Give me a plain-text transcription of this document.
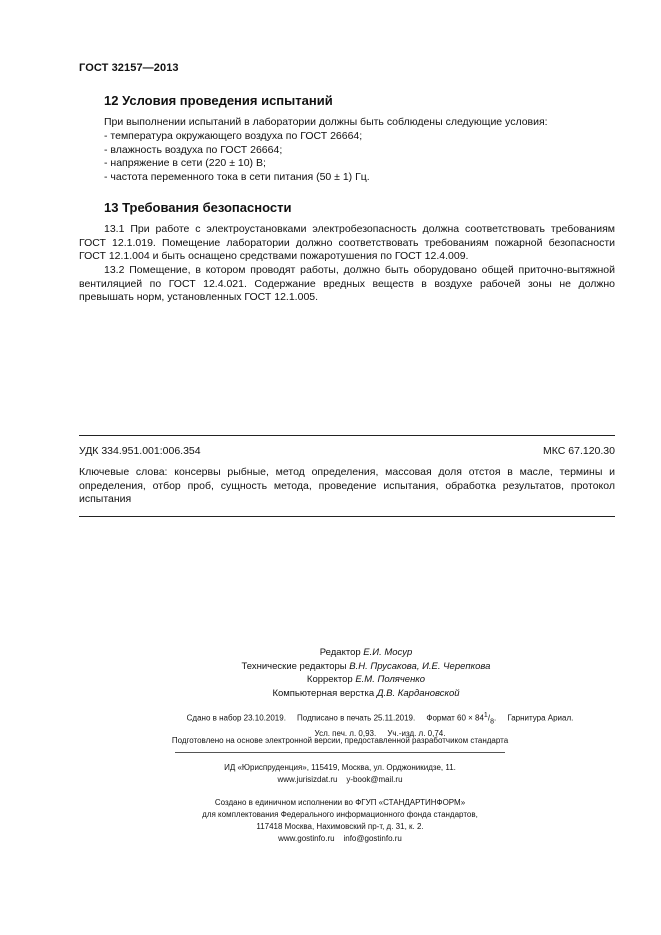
ГОСТ 32157—2013
12 Условия проведения испытаний
При выполнении испытаний в лаборатории должны быть соблюдены следующие условия:
- температура окружающего воздуха по ГОСТ 26664;
- влажность воздуха по ГОСТ 26664;
- напряжение в сети (220 ± 10) В;
- частота переменного тока в сети питания (50 ± 1) Гц.
13 Требования безопасности
13.1 При работе с электроустановками электробезопасность должна соответствовать требованиям ГОСТ 12.1.019. Помещение лаборатории должно соответствовать требованиям пожарной безопасности ГОСТ 12.1.004 и быть оснащено средствами пожаротушения по ГОСТ 12.4.009.
13.2 Помещение, в котором проводят работы, должно быть оборудовано общей приточно-вытяжной вентиляцией по ГОСТ 12.4.021. Содержание вредных веществ в воздухе рабочей зоны не должно превышать норм, установленных ГОСТ 12.1.005.
УДК 334.951.001:006.354	МКС 67.120.30
Ключевые слова: консервы рыбные, метод определения, массовая доля отстоя в масле, термины и определения, отбор проб, сущность метода, проведение испытания, обработка результатов, протокол испытания
Редактор Е.И. Мосур
Технические редакторы В.Н. Прусакова, И.Е. Черепкова
Корректор Е.М. Поляченко
Компьютерная верстка Д.В. Кардановской
Сдано в набор 23.10.2019. Подписано в печать 25.11.2019. Формат $60 \times 84^1/8$.     Гарнитура Ариал.
Усл. печ. л. 0,93. Уч.-изд. л. 0,74.
Подготовлено на основе электронной версии, предоставленной разработчиком стандарта
ИД «Юриспруденция», 115419, Москва, ул. Орджоникидзе, 11.
www.jurisizdat.ru y-book@mail.ru
Создано в единичном исполнении во ФГУП «СТАНДАРТИНФОРМ»
для комплектования Федерального информационного фонда стандартов,
117418 Москва, Нахимовский пр-т, д. 31, к. 2.
www.gostinfo.ru info@gostinfo.ru
